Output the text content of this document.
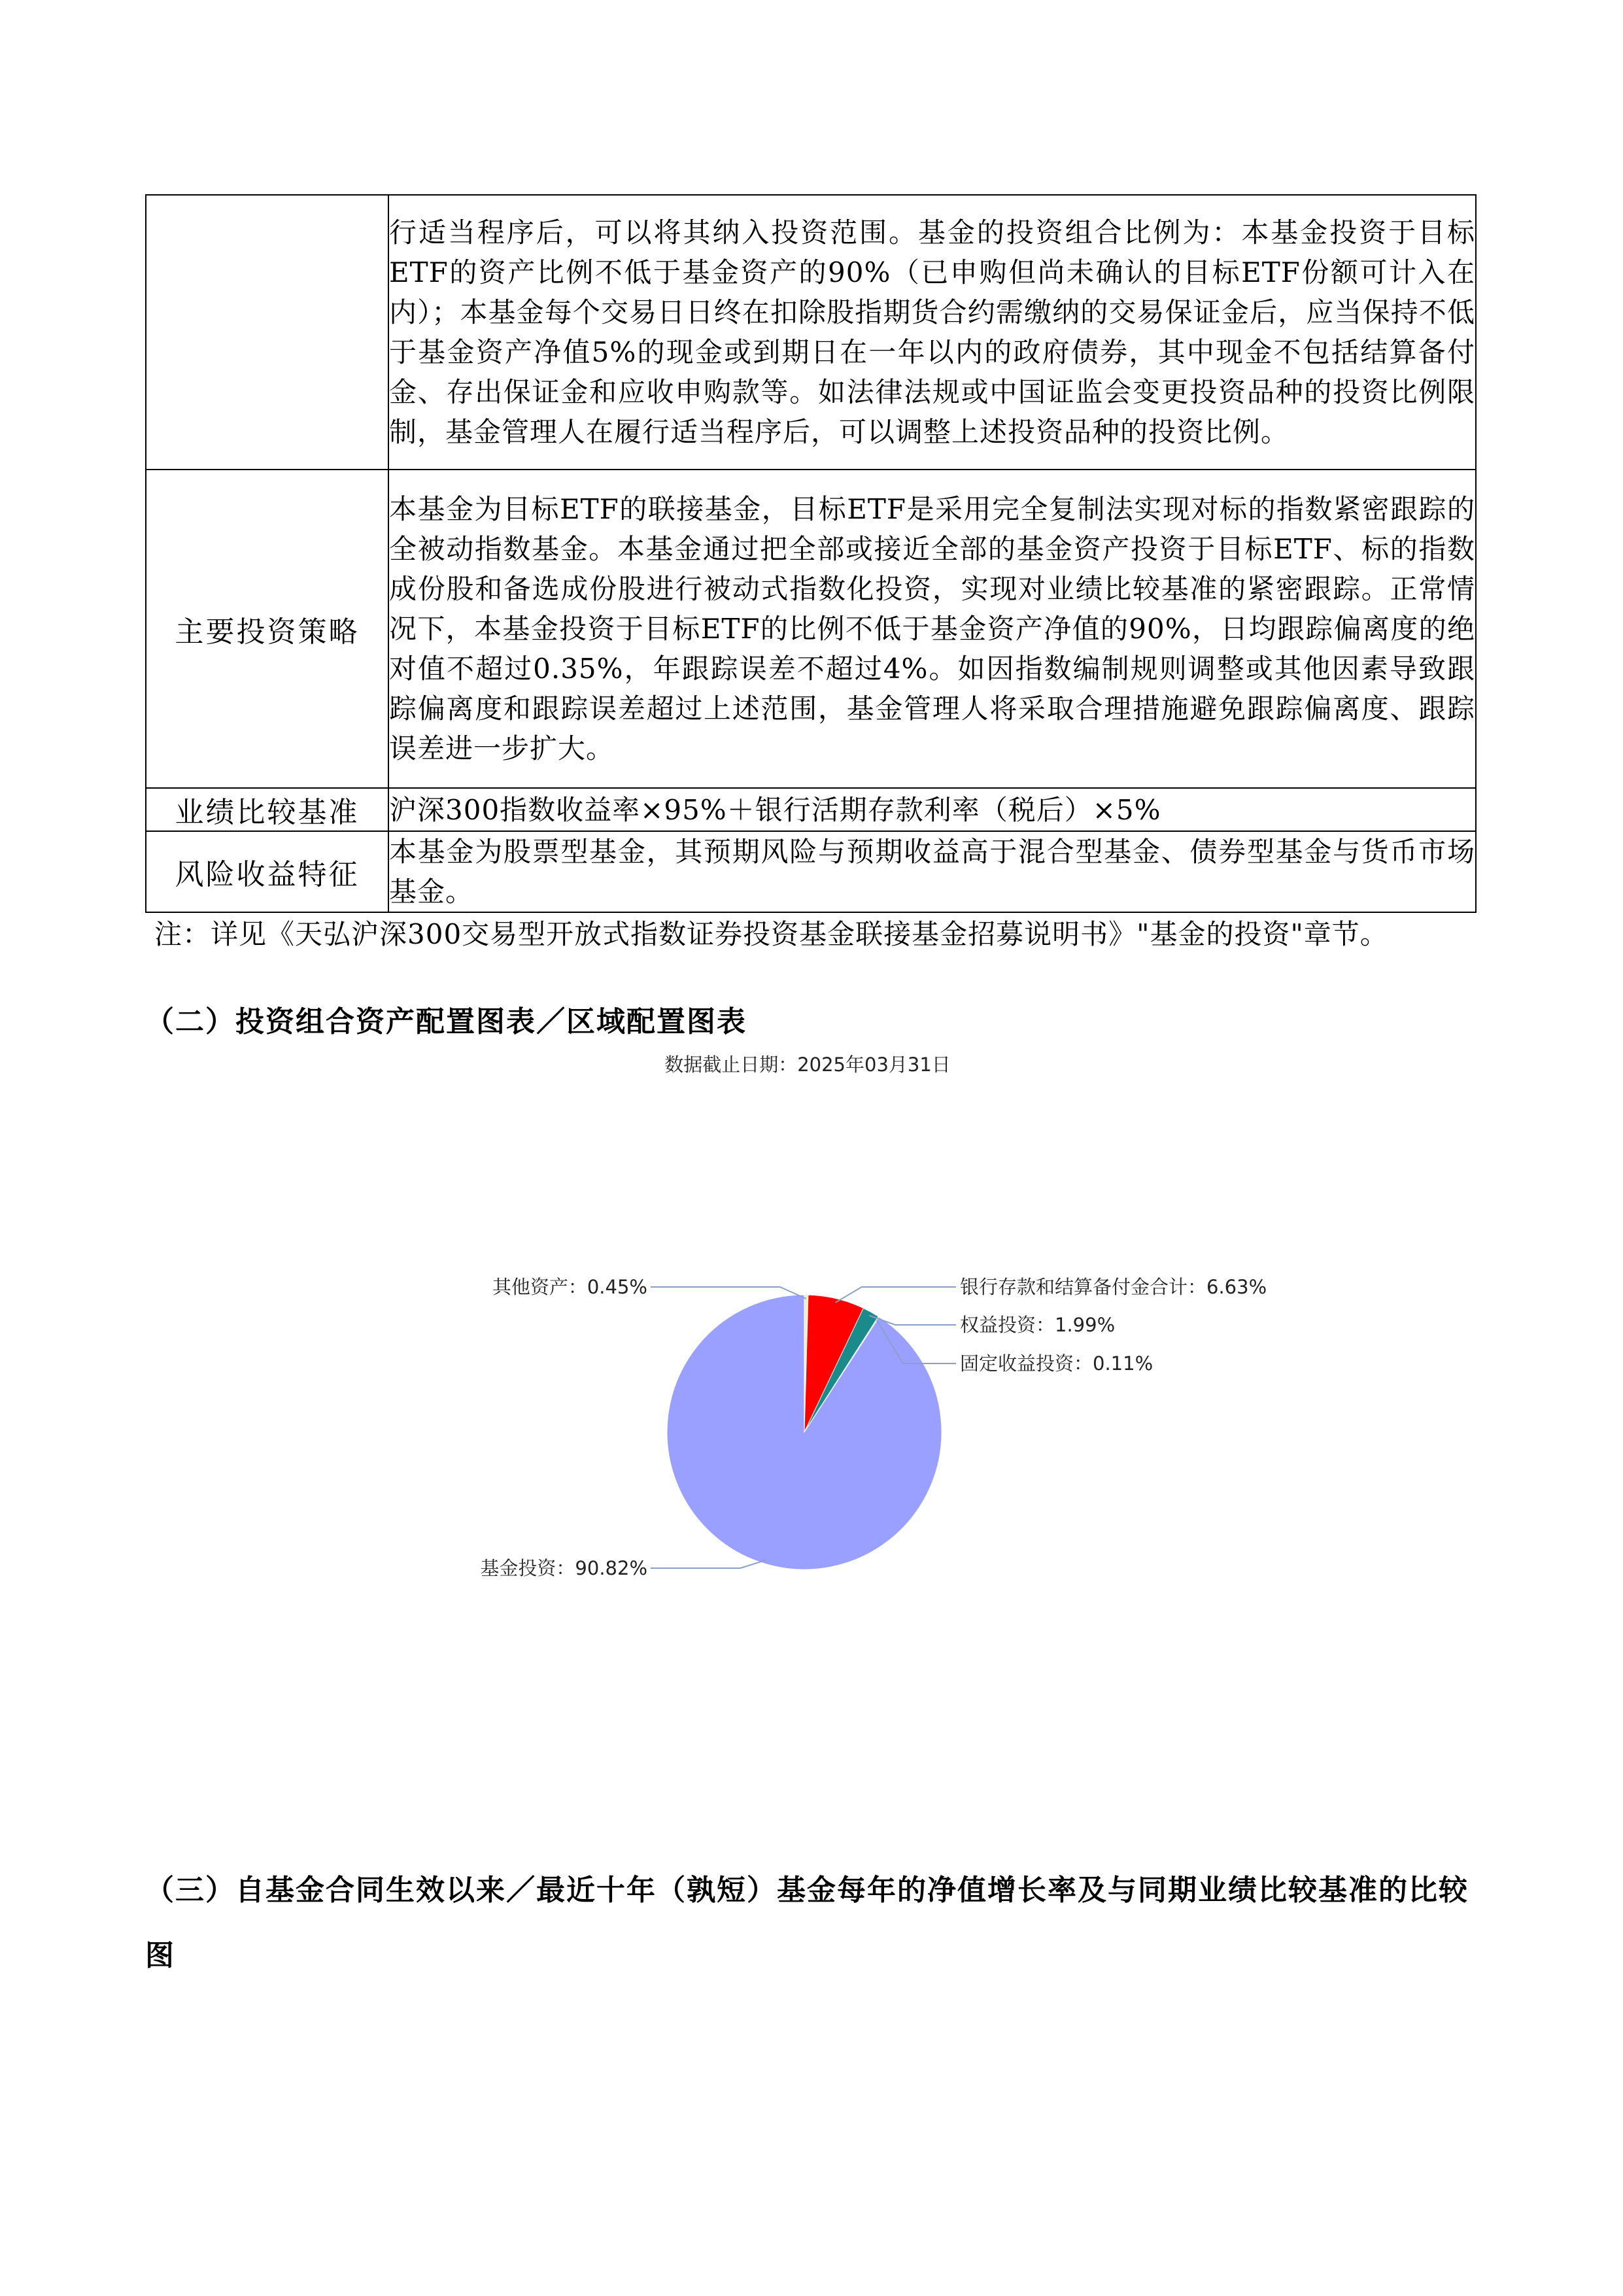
	行适当程序后，可以将其纳入投资范围。基金的投资组合比例为：本基金投资于目标ETF的资产比例不低于基金资产的90%（已申购但尚未确认的目标ETF份额可计入在内）；本基金每个交易日日终在扣除股指期货合约需缴纳的交易保证金后，应当保持不低于基金资产净值5%的现金或到期日在一年以内的政府债券，其中现金不包括结算备付金、存出保证金和应收申购款等。如法律法规或中国证监会变更投资品种的投资比例限制，基金管理人在履行适当程序后，可以调整上述投资品种的投资比例。
主要投资策略	本基金为目标ETF的联接基金，目标ETF是采用完全复制法实现对标的指数紧密跟踪的全被动指数基金。本基金通过把全部或接近全部的基金资产投资于目标ETF、标的指数成份股和备选成份股进行被动式指数化投资，实现对业绩比较基准的紧密跟踪。正常情况下，本基金投资于目标ETF的比例不低于基金资产净值的90%，日均跟踪偏离度的绝对值不超过0.35%，年跟踪误差不超过4%。如因指数编制规则调整或其他因素导致跟踪偏离度和跟踪误差超过上述范围，基金管理人将采取合理措施避免跟踪偏离度、跟踪误差进一步扩大。
业绩比较基准	沪深300指数收益率×95%＋银行活期存款利率（税后）×5%
风险收益特征	本基金为股票型基金，其预期风险与预期收益高于混合型基金、债券型基金与货币市场基金。
注：详见《天弘沪深300交易型开放式指数证券投资基金联接基金招募说明书》"基金的投资"章节。
（二）投资组合资产配置图表／区域配置图表
数据截止日期：2025年03月31日
其他资产：0.45%	银行存款和结算备付金合计：6.63%
权益投资：1.99%
固定收益投资：0.11%
基金投资：90.82%
（三）自基金合同生效以来／最近十年（孰短）基金每年的净值增长率及与同期业绩比较基准的比较图
